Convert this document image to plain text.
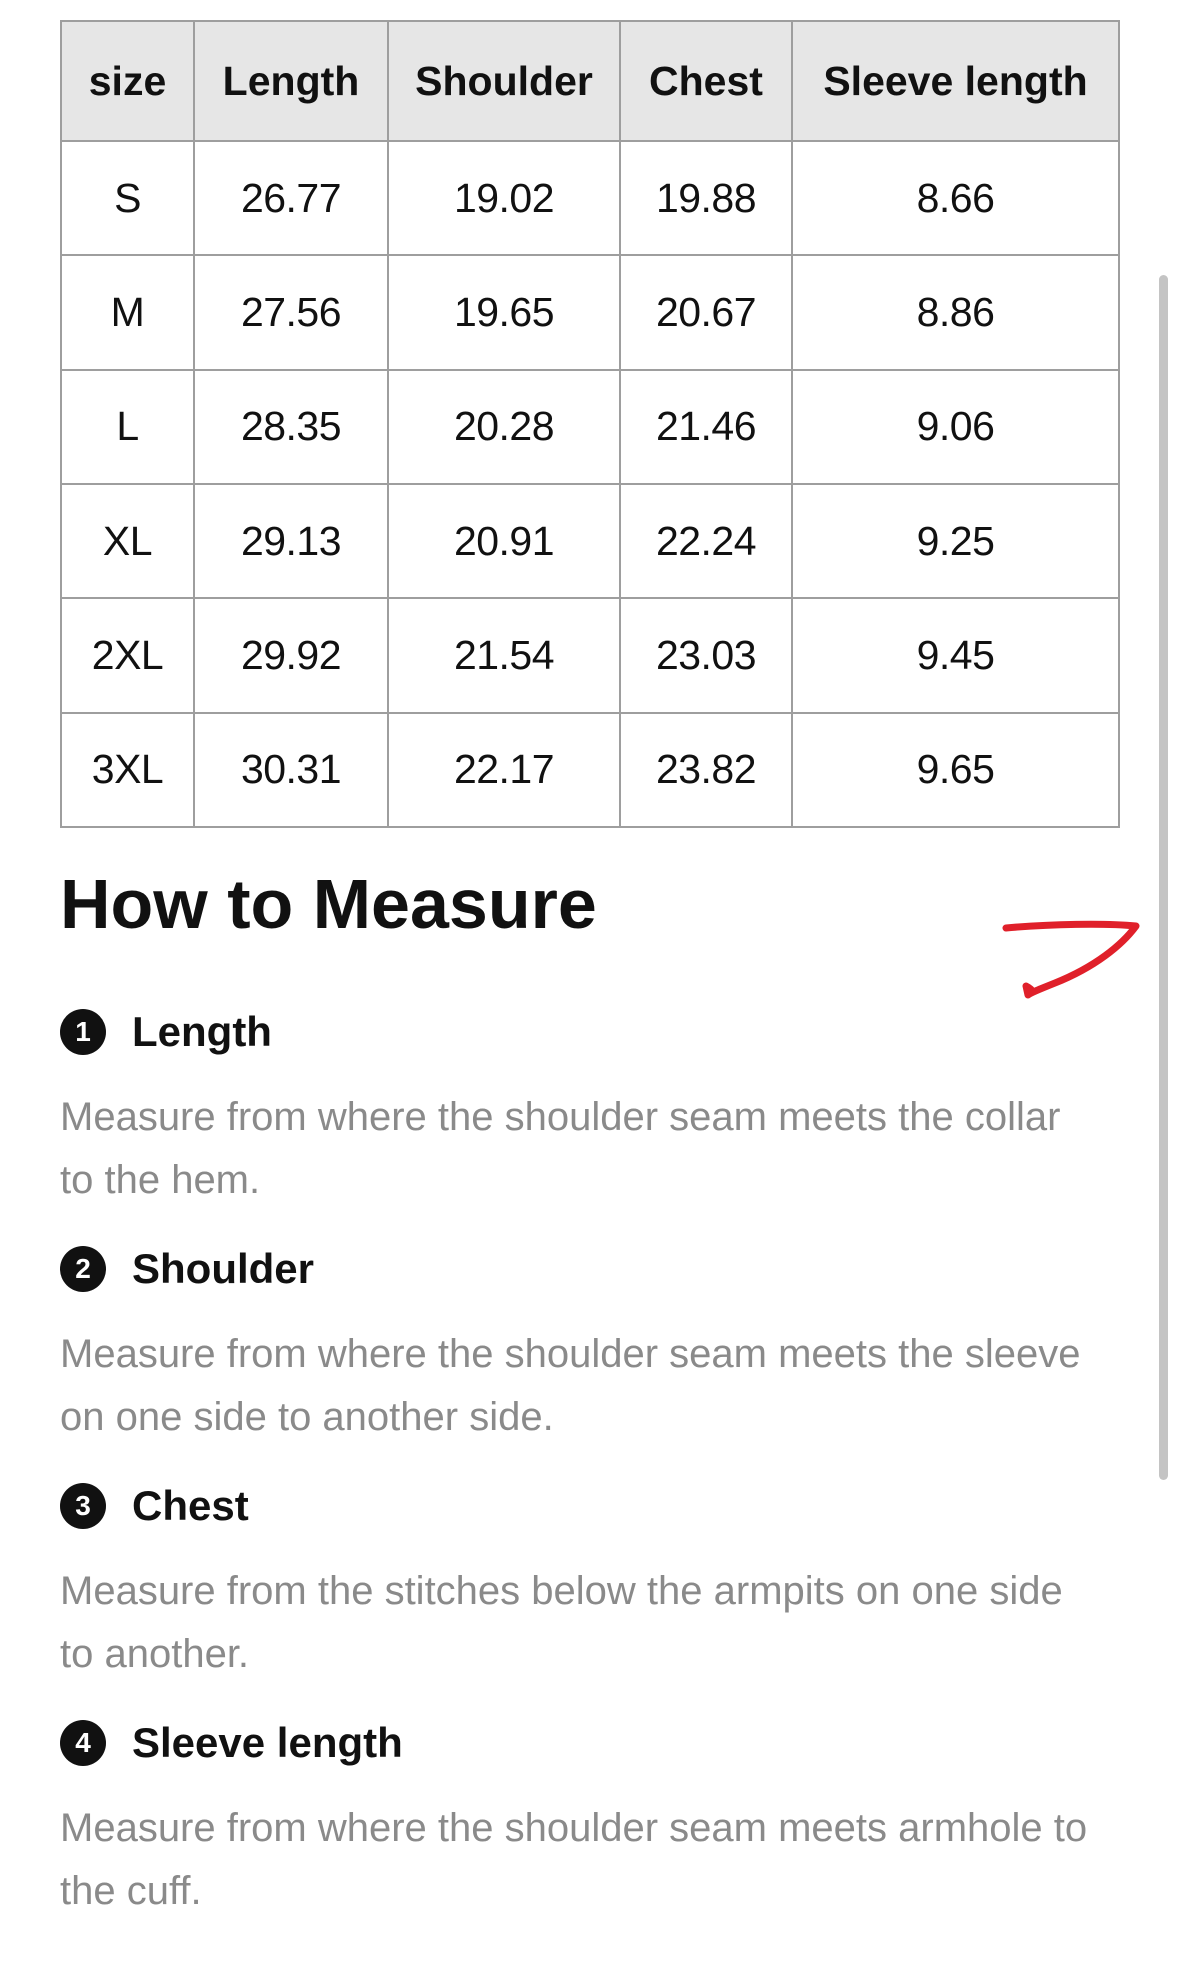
size	Length	Shoulder	Chest	Sleeve length
S	26.77	19.02	19.88	8.66
M	27.56	19.65	20.67	8.86
L	28.35	20.28	21.46	9.06
XL	29.13	20.91	22.24	9.25
2XL	29.92	21.54	23.03	9.45
3XL	30.31	22.17	23.82	9.65
How to Measure
1 Length

Measure from where the shoulder seam meets the collar to the hem.

2 Shoulder

Measure from where the shoulder seam meets the sleeve on one side to another side.

3 Chest

Measure from the stitches below the armpits on one side to another.

4 Sleeve length

Measure from where the shoulder seam meets armhole to the cuff.
